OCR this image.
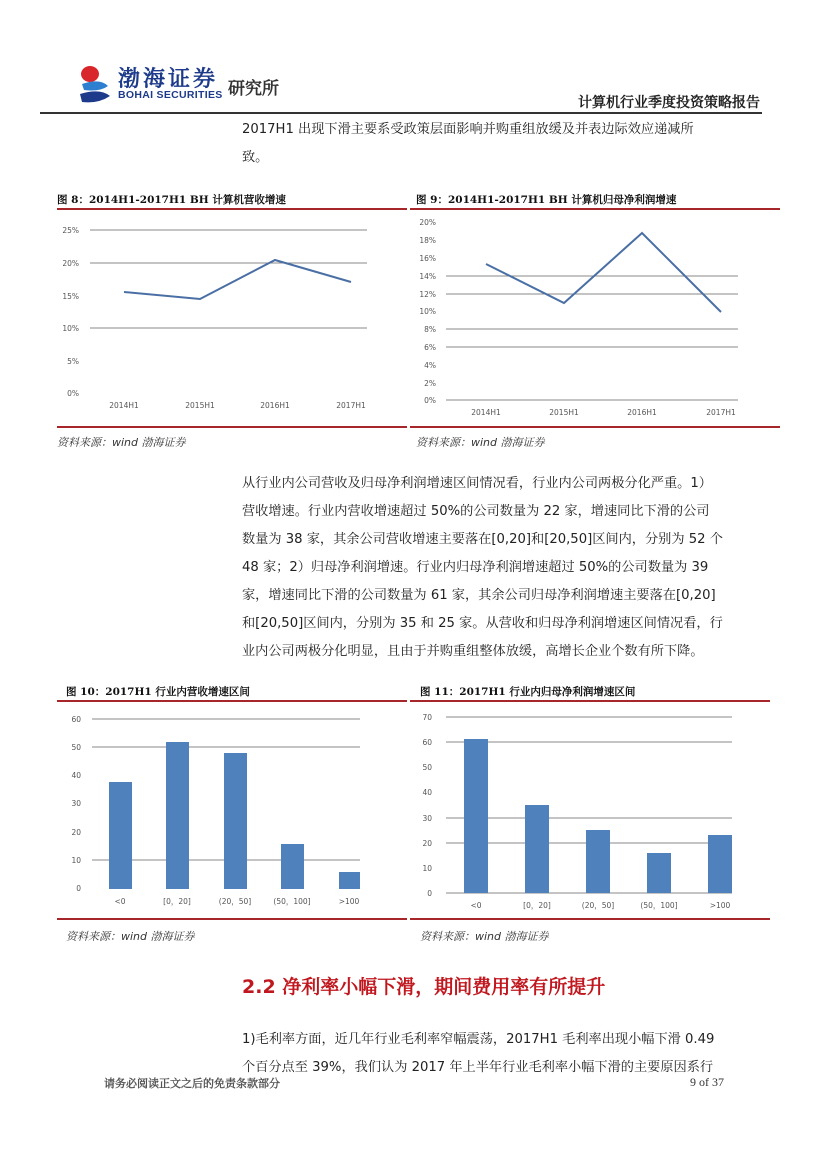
渤海证券
BOHAI SECURITIES 研究所
计算机行业季度投资策略报告
2017H1 出现下滑主要系受政策层面影响并购重组放缓及并表边际效应递减所
致。
图 8：2014H1-2017H1 BH 计算机营收增速
25%
20%
15%
10%
5%
0%
2014H1	2015H1	2016H1	2017H1
资料来源：wind 渤海证券
图 9：2014H1-2017H1 BH 计算机归母净利润增速
20%
18%
16%
14%
12%
10%
8%
6%
4%
2%
0%
2014H1	2015H1	2016H1	2017H1
资料来源：wind 渤海证券
从行业内公司营收及归母净利润增速区间情况看，行业内公司两极分化严重。1）
营收增速。行业内营收增速超过 50%的公司数量为 22 家，增速同比下滑的公司
数量为 38 家，其余公司营收增速主要落在[0,20]和[20,50]区间内，分别为 52 个
48 家；2）归母净利润增速。行业内归母净利润增速超过 50%的公司数量为 39
家，增速同比下滑的公司数量为 61 家，其余公司归母净利润增速主要落在[0,20]
和[20,50]区间内，分别为 35 和 25 家。从营收和归母净利润增速区间情况看，行
业内公司两极分化明显，且由于并购重组整体放缓，高增长企业个数有所下降。
图 10：2017H1 行业内营收增速区间
60
50
40
30
20
10
0
<0	[0，20]	(20，50]	(50，100]	>100
资料来源：wind 渤海证券
图 11：2017H1 行业内归母净利润增速区间
70
60
50
40
30
20
10
0
<0	[0，20]	(20，50]	(50，100]	>100
资料来源：wind 渤海证券
2.2 净利率小幅下滑，期间费用率有所提升
1)毛利率方面，近几年行业毛利率窄幅震荡，2017H1 毛利率出现小幅下滑 0.49
个百分点至 39%，我们认为 2017 年上半年行业毛利率小幅下滑的主要原因系行
请务必阅读正文之后的免责条款部分	9 of 37
